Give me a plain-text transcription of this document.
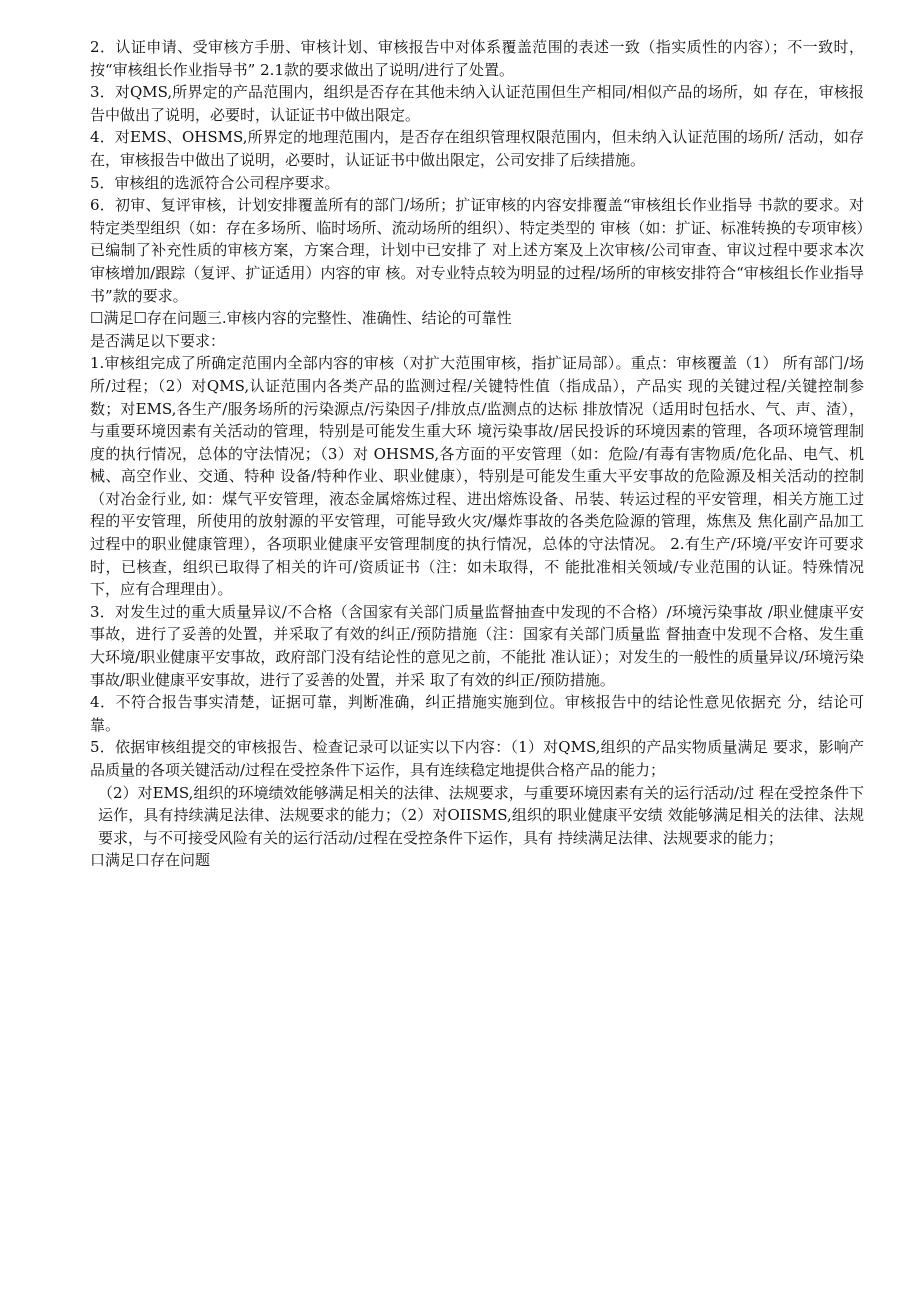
2．认证申请、受审核方手册、审核计划、审核报告中对体系覆盖范围的表述一致（指实质性的内容）；不一致时，按“审核组长作业指导书” 2.1款的要求做出了说明/进行了处置。

3．对QMS,所界定的产品范围内，组织是否存在其他未纳入认证范围但生产相同/相似产品的场所，如 存在，审核报告中做出了说明，必要时，认证证书中做出限定。

4．对EMS、OHSMS,所界定的地理范围内，是否存在组织管理权限范围内，但未纳入认证范围的场所/ 活动，如存在，审核报告中做出了说明，必要时，认证证书中做出限定，公司安排了后续措施。

5．审核组的选派符合公司程序要求。

6．初审、复评审核，计划安排覆盖所有的部门/场所；扩证审核的内容安排覆盖“审核组长作业指导 书款的要求。对特定类型组织（如：存在多场所、临时场所、流动场所的组织）、特定类型的 审核（如：扩证、标准转换的专项审核）已编制了补充性质的审核方案，方案合理，计划中已安排了 对上述方案及上次审核/公司审查、审议过程中要求本次审核增加/跟踪（复评、扩证适用）内容的审 核。对专业特点较为明显的过程/场所的审核安排符合“审核组长作业指导书”款的要求。

☐满足☐存在问题三.审核内容的完整性、准确性、结论的可靠性

是否满足以下要求：

1.审核组完成了所确定范围内全部内容的审核（对扩大范围审核，指扩证局部）。重点：审核覆盖（1） 所有部门/场所/过程；（2）对QMS,认证范围内各类产品的监测过程/关键特性值（指成品），产品实 现的关键过程/关键控制参数；对EMS,各生产/服务场所的污染源点/污染因子/排放点/监测点的达标 排放情况（适用时包括水、气、声、渣），与重要环境因素有关活动的管理，特别是可能发生重大环 境污染事故/居民投诉的环境因素的管理，各项环境管理制度的执行情况，总体的守法情况；（3）对 OHSMS,各方面的平安管理（如：危险/有毒有害物质/危化品、电气、机械、高空作业、交通、特种 设备/特种作业、职业健康），特别是可能发生重大平安事故的危险源及相关活动的控制（对冶金行业, 如：煤气平安管理，液态金属熔炼过程、进出熔炼设备、吊装、转运过程的平安管理，相关方施工过 程的平安管理，所使用的放射源的平安管理，可能导致火灾/爆炸事故的各类危险源的管理，炼焦及 焦化副产品加工过程中的职业健康管理），各项职业健康平安管理制度的执行情况，总体的守法情况。 2.有生产/环境/平安许可要求时，已核查，组织已取得了相关的许可/资质证书（注：如未取得，不 能批准相关领域/专业范围的认证。特殊情况下，应有合理理由）。

3．对发生过的重大质量异议/不合格（含国家有关部门质量监督抽查中发现的不合格）/环境污染事故 /职业健康平安事故，进行了妥善的处置，并采取了有效的纠正/预防措施（注：国家有关部门质量监 督抽查中发现不合格、发生重大环境/职业健康平安事故，政府部门没有结论性的意见之前，不能批 准认证）；对发生的一般性的质量异议/环境污染事故/职业健康平安事故，进行了妥善的处置，并采 取了有效的纠正/预防措施。

4．不符合报告事实清楚，证据可靠，判断准确，纠正措施实施到位。审核报告中的结论性意见依据充 分，结论可靠。

5．依据审核组提交的审核报告、检查记录可以证实以下内容：（1）对QMS,组织的产品实物质量满足 要求，影响产品质量的各项关键活动/过程在受控条件下运作，具有连续稳定地提供合格产品的能力；

（2）对EMS,组织的环境绩效能够满足相关的法律、法规要求，与重要环境因素有关的运行活动/过 程在受控条件下运作，具有持续满足法律、法规要求的能力；（2）对OIISMS,组织的职业健康平安绩 效能够满足相关的法律、法规要求，与不可接受风险有关的运行活动/过程在受控条件下运作，具有 持续满足法律、法规要求的能力；

口满足口存在问题
